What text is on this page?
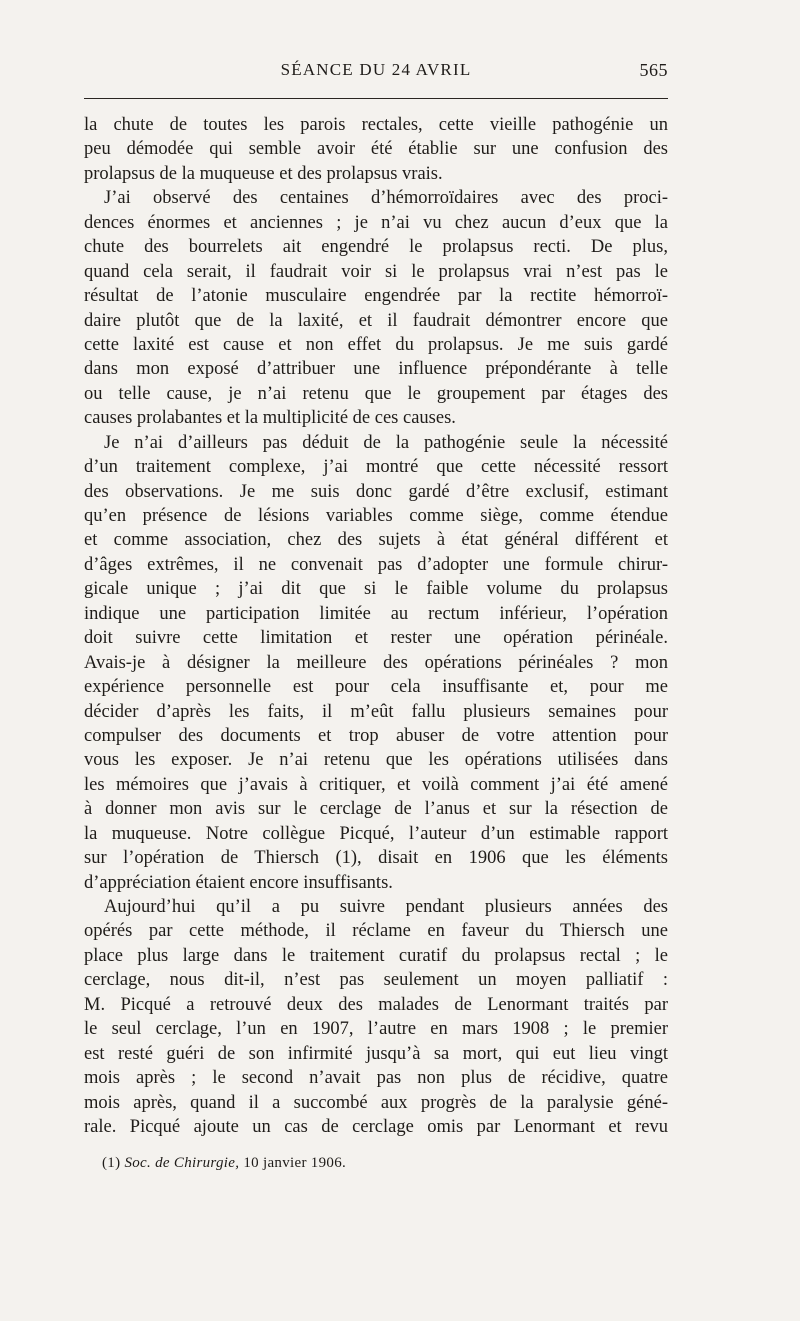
SÉANCE DU 24 AVRIL	565
la chute de toutes les parois rectales, cette vieille pathogénie un
peu démodée qui semble avoir été établie sur une confusion des
prolapsus de la muqueuse et des prolapsus vrais.
J’ai observé des centaines d’hémorroïdaires avec des proci-
dences énormes et anciennes ; je n’ai vu chez aucun d’eux que la
chute des bourrelets ait engendré le prolapsus recti. De plus,
quand cela serait, il faudrait voir si le prolapsus vrai n’est pas le
résultat de l’atonie musculaire engendrée par la rectite hémorroï-
daire plutôt que de la laxité, et il faudrait démontrer encore que
cette laxité est cause et non effet du prolapsus. Je me suis gardé
dans mon exposé d’attribuer une influence prépondérante à telle
ou telle cause, je n’ai retenu que le groupement par étages des
causes prolabantes et la multiplicité de ces causes.
Je n’ai d’ailleurs pas déduit de la pathogénie seule la nécessité
d’un traitement complexe, j’ai montré que cette nécessité ressort
des observations. Je me suis donc gardé d’être exclusif, estimant
qu’en présence de lésions variables comme siège, comme étendue
et comme association, chez des sujets à état général différent et
d’âges extrêmes, il ne convenait pas d’adopter une formule chirur-
gicale unique ; j’ai dit que si le faible volume du prolapsus
indique une participation limitée au rectum inférieur, l’opération
doit suivre cette limitation et rester une opération périnéale.
Avais-je à désigner la meilleure des opérations périnéales ? mon
expérience personnelle est pour cela insuffisante et, pour me
décider d’après les faits, il m’eût fallu plusieurs semaines pour
compulser des documents et trop abuser de votre attention pour
vous les exposer. Je n’ai retenu que les opérations utilisées dans
les mémoires que j’avais à critiquer, et voilà comment j’ai été amené
à donner mon avis sur le cerclage de l’anus et sur la résection de
la muqueuse. Notre collègue Picqué, l’auteur d’un estimable rapport
sur l’opération de Thiersch (1), disait en 1906 que les éléments
d’appréciation étaient encore insuffisants.
Aujourd’hui qu’il a pu suivre pendant plusieurs années des
opérés par cette méthode, il réclame en faveur du Thiersch une
place plus large dans le traitement curatif du prolapsus rectal ; le
cerclage, nous dit-il, n’est pas seulement un moyen palliatif :
M. Picqué a retrouvé deux des malades de Lenormant traités par
le seul cerclage, l’un en 1907, l’autre en mars 1908 ; le premier
est resté guéri de son infirmité jusqu’à sa mort, qui eut lieu vingt
mois après ; le second n’avait pas non plus de récidive, quatre
mois après, quand il a succombé aux progrès de la paralysie géné-
rale. Picqué ajoute un cas de cerclage omis par Lenormant et revu
(1) Soc. de Chirurgie, 10 janvier 1906.
